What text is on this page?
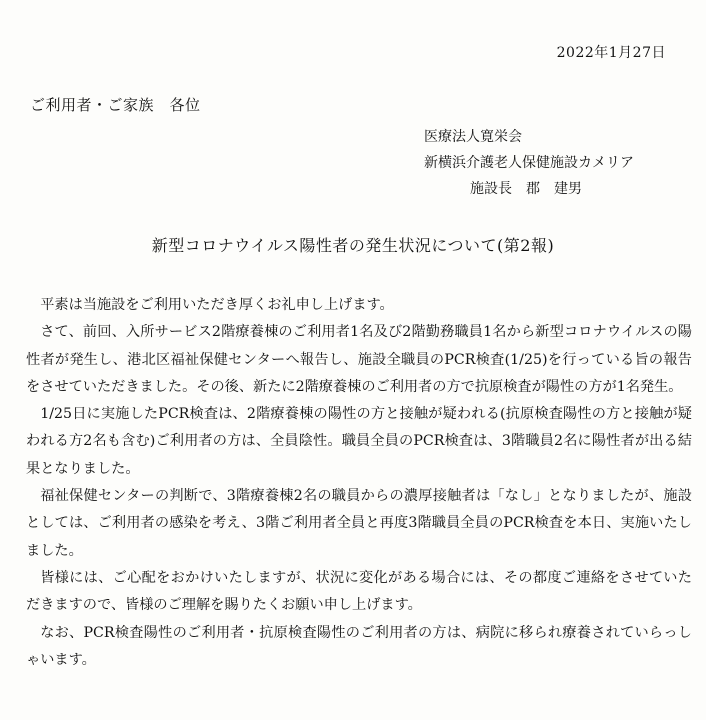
2022年1月27日
ご利用者・ご家族　各位
医療法人寛栄会
新横浜介護老人保健施設カメリア
施設長　郡　建男
新型コロナウイルス陽性者の発生状況について(第2報)

平素は当施設をご利用いただき厚くお礼申し上げます。

さて、前回、入所サービス2階療養棟のご利用者1名及び2階勤務職員1名から新型コロナウイルスの陽性者が発生し、港北区福祉保健センターへ報告し、施設全職員のPCR検査(1/25)を行っている旨の報告をさせていただきました。その後、新たに2階療養棟のご利用者の方で抗原検査が陽性の方が1名発生。

1/25日に実施したPCR検査は、2階療養棟の陽性の方と接触が疑われる(抗原検査陽性の方と接触が疑われる方2名も含む)ご利用者の方は、全員陰性。職員全員のPCR検査は、3階職員2名に陽性者が出る結果となりました。

福祉保健センターの判断で、3階療養棟2名の職員からの濃厚接触者は「なし」となりましたが、施設としては、ご利用者の感染を考え、3階ご利用者全員と再度3階職員全員のPCR検査を本日、実施いたしました。

皆様には、ご心配をおかけいたしますが、状況に変化がある場合には、その都度ご連絡をさせていただきますので、皆様のご理解を賜りたくお願い申し上げます。

なお、PCR検査陽性のご利用者・抗原検査陽性のご利用者の方は、病院に移られ療養されていらっしゃいます。
